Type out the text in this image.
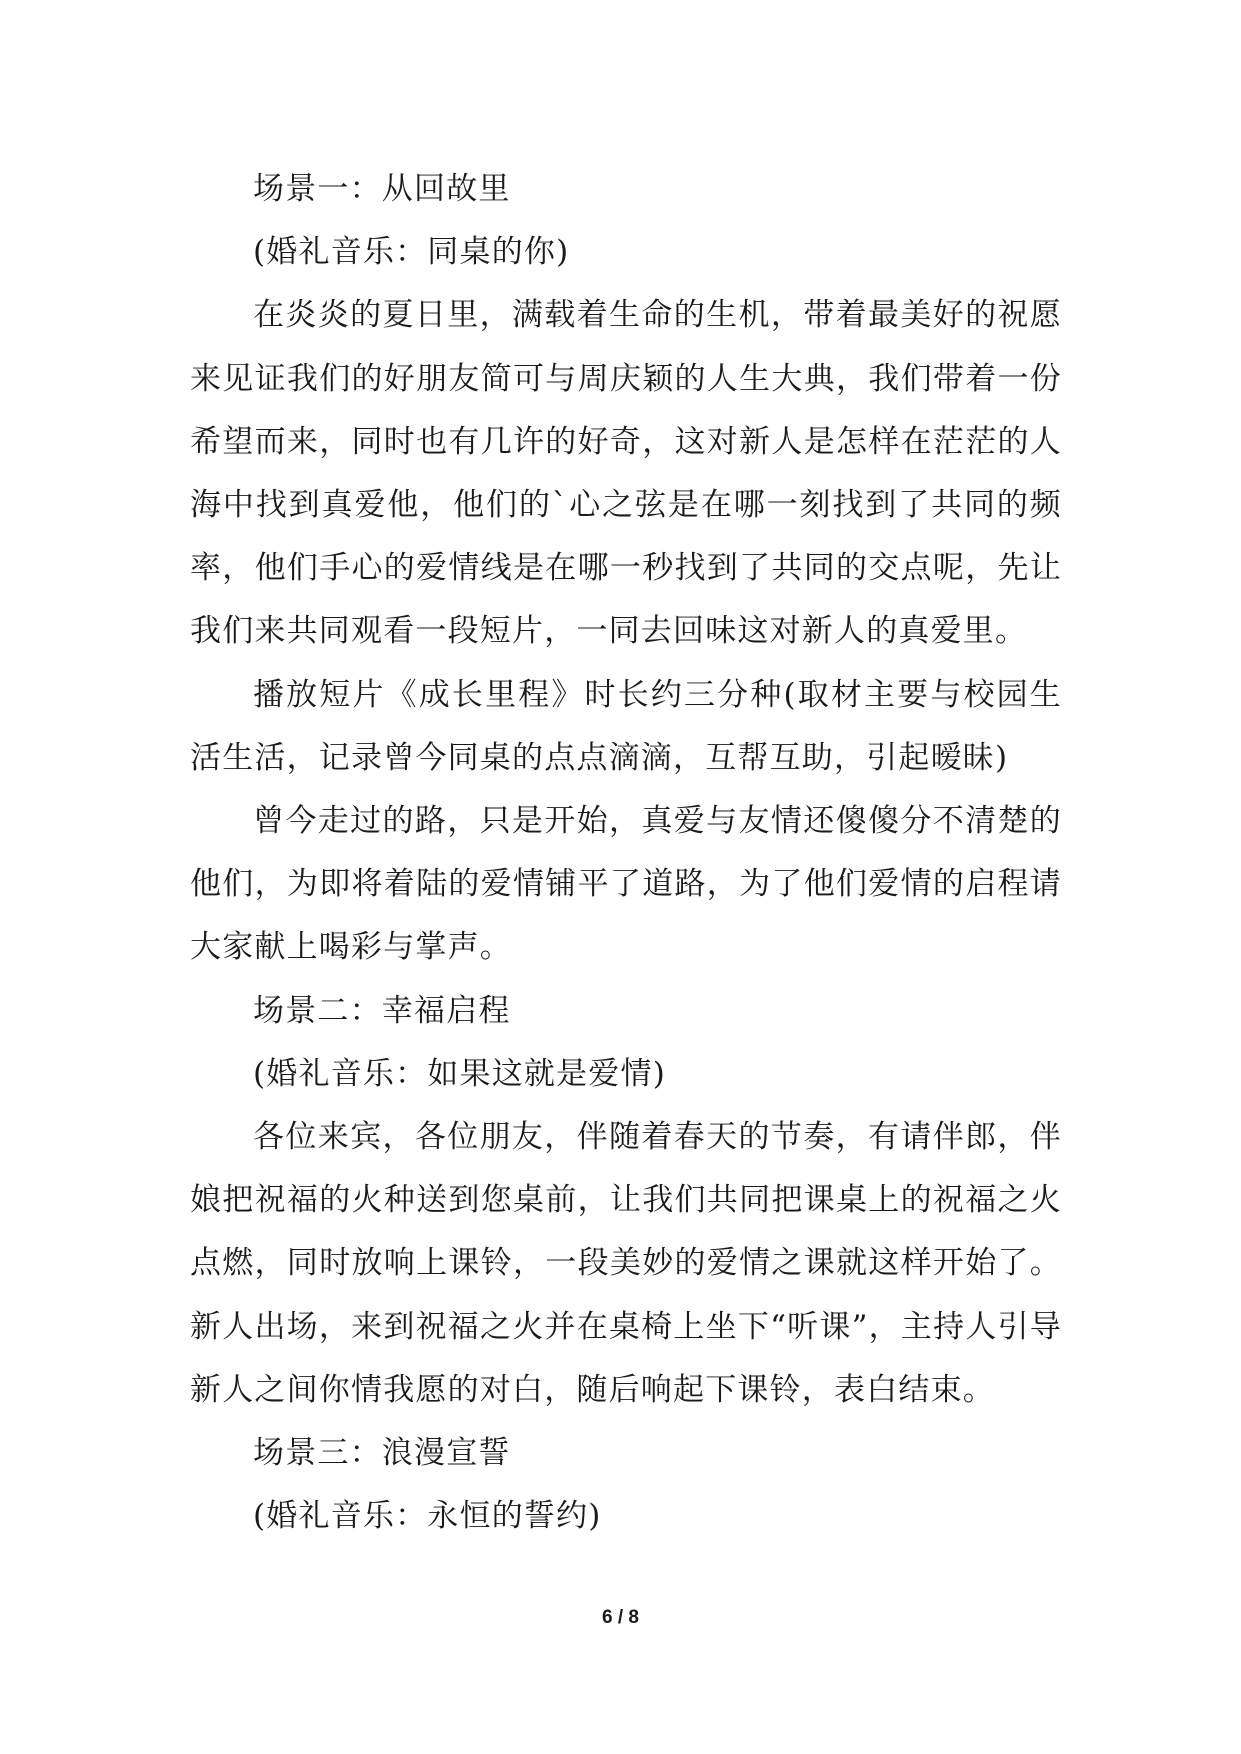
场景一：从回故里

(婚礼音乐：同桌的你)

在炎炎的夏日里，满载着生命的生机，带着最美好的祝愿来见证我们的好朋友简可与周庆颖的人生大典，我们带着一份希望而来，同时也有几许的好奇，这对新人是怎样在茫茫的人海中找到真爱他，他们的`心之弦是在哪一刻找到了共同的频率，他们手心的爱情线是在哪一秒找到了共同的交点呢，先让我们来共同观看一段短片，一同去回味这对新人的真爱里。

播放短片《成长里程》时长约三分种(取材主要与校园生活生活，记录曾今同桌的点点滴滴，互帮互助，引起暧昧)

曾今走过的路，只是开始，真爱与友情还傻傻分不清楚的他们，为即将着陆的爱情铺平了道路，为了他们爱情的启程请大家献上喝彩与掌声。

场景二：幸福启程

(婚礼音乐：如果这就是爱情)

各位来宾，各位朋友，伴随着春天的节奏，有请伴郎，伴娘把祝福的火种送到您桌前，让我们共同把课桌上的祝福之火点燃，同时放响上课铃，一段美妙的爱情之课就这样开始了。新人出场，来到祝福之火并在桌椅上坐下“听课”，主持人引导新人之间你情我愿的对白，随后响起下课铃，表白结束。

场景三：浪漫宣誓

(婚礼音乐：永恒的誓约)

6 / 8
